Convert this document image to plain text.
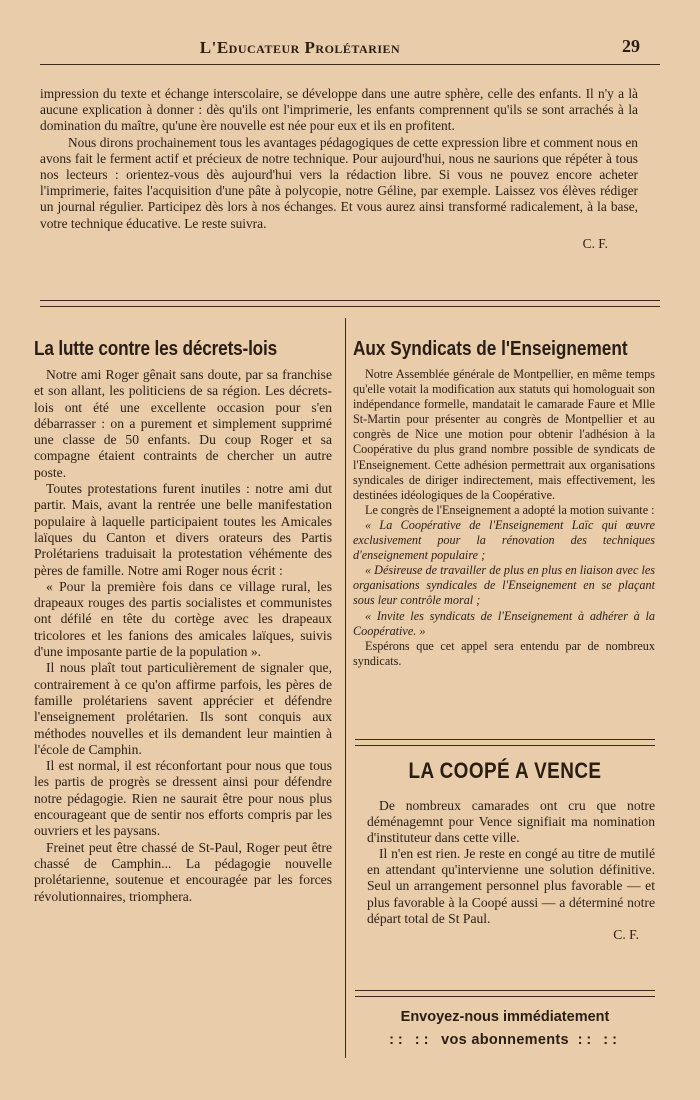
L'Educateur Prolétarien	29

impression du texte et échange interscolaire, se développe dans une autre sphère, celle des enfants. Il n'y a là aucune explication à donner : dès qu'ils ont l'imprimerie, les enfants comprennent qu'ils se sont arrachés à la domination du maître, qu'une ère nouvelle est née pour eux et ils en profitent.

Nous dirons prochainement tous les avantages pédagogiques de cette expression libre et comment nous en avons fait le ferment actif et précieux de notre technique. Pour aujourd'hui, nous ne saurions que répéter à tous nos lecteurs : orientez-vous dès aujourd'hui vers la rédaction libre. Si vous ne pouvez encore acheter l'imprimerie, faites l'acquisition d'une pâte à polycopie, notre Géline, par exemple. Laissez vos élèves rédiger un journal régulier. Participez dès lors à nos échanges. Et vous aurez ainsi transformé radicalement, à la base, votre technique éducative. Le reste suivra.

C. F.
La lutte contre les décrets-lois

Notre ami Roger gênait sans doute, par sa franchise et son allant, les politiciens de sa région. Les décrets-lois ont été une excellente occasion pour s'en débarrasser : on a purement et simplement supprimé une classe de 50 enfants. Du coup Roger et sa compagne étaient contraints de chercher un autre poste.

Toutes protestations furent inutiles : notre ami dut partir. Mais, avant la rentrée une belle manifestation populaire à laquelle participaient toutes les Amicales laïques du Canton et divers orateurs des Partis Prolétariens traduisait la protestation véhémente des pères de famille. Notre ami Roger nous écrit :

« Pour la première fois dans ce village rural, les drapeaux rouges des partis socialistes et communistes ont défilé en tête du cortège avec les drapeaux tricolores et les fanions des amicales laïques, suivis d'une imposante partie de la population ».

Il nous plaît tout particulièrement de signaler que, contrairement à ce qu'on affirme parfois, les pères de famille prolétariens savent apprécier et défendre l'enseignement prolétarien. Ils sont conquis aux méthodes nouvelles et ils demandent leur maintien à l'école de Camphin.

Il est normal, il est réconfortant pour nous que tous les partis de progrès se dressent ainsi pour défendre notre pédagogie. Rien ne saurait être pour nous plus encourageant que de sentir nos efforts compris par les ouvriers et les paysans.

Freinet peut être chassé de St-Paul, Roger peut être chassé de Camphin... La pédagogie nouvelle prolétarienne, soutenue et encouragée par les forces révolutionnaires, triomphera.

Aux Syndicats de l'Enseignement

Notre Assemblée générale de Montpellier, en même temps qu'elle votait la modification aux statuts qui homologuait son indépendance formelle, mandatait le camarade Faure et Mlle St-Martin pour présenter au congrès de Montpellier et au congrès de Nice une motion pour obtenir l'adhésion à la Coopérative du plus grand nombre possible de syndicats de l'Enseignement. Cette adhésion permettrait aux organisations syndicales de diriger indirectement, mais effectivement, les destinées idéologiques de la Coopérative.

Le congrès de l'Enseignement a adopté la motion suivante :

« La Coopérative de l'Enseignement Laïc qui œuvre exclusivement pour la rénovation des techniques d'enseignement populaire ;

« Désireuse de travailler de plus en plus en liaison avec les organisations syndicales de l'Enseignement en se plaçant sous leur contrôle moral ;

« Invite les syndicats de l'Enseignement à adhérer à la Coopérative. »

Espérons que cet appel sera entendu par de nombreux syndicats.

LA COOPÉ A VENCE

De nombreux camarades ont cru que notre déménagemnt pour Vence signifiait ma nomination d'instituteur dans cette ville.

Il n'en est rien. Je reste en congé au titre de mutilé en attendant qu'intervienne une solution définitive. Seul un arrangement personnel plus favorable — et plus favorable à la Coopé aussi — a déterminé notre départ total de St Paul.

C. F.
Envoyez-nous immédiatement
:: :: vos abonnements :: ::
